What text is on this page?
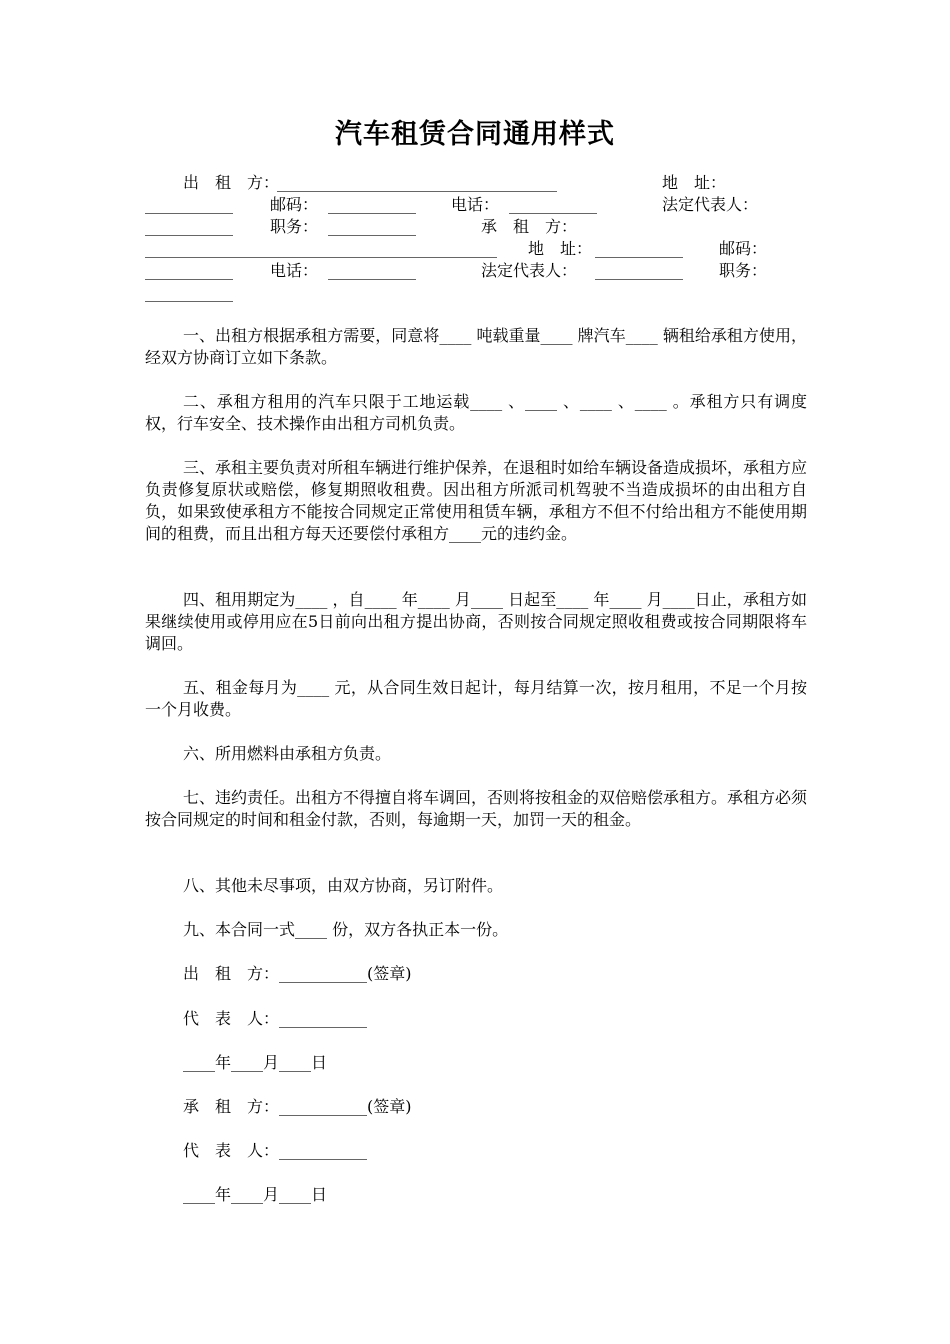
汽车租赁合同通用样式

出　租　方：

___________________________________

	地　址：

___________

邮码：

___________

电话：

___________

	法定代表人：

___________

职务：

___________

	承　租　方：

____________________________________________

地　址：

___________

邮码：

___________

电话：

___________

	法定代表人：

___________

职务：

___________

一、出租方根据承租方需要，同意将____ 吨载重量____ 牌汽车____ 辆租给承租方使用，经双方协商订立如下条款。

二、承租方租用的汽车只限于工地运载____ 、____ 、____ 、____ 。承租方只有调度权，行车安全、技术操作由出租方司机负责。

三、承租主要负责对所租车辆进行维护保养，在退租时如给车辆设备造成损坏，承租方应负责修复原状或赔偿，修复期照收租费。因出租方所派司机驾驶不当造成损坏的由出租方自负，如果致使承租方不能按合同规定正常使用租赁车辆，承租方不但不付给出租方不能使用期间的租费，而且出租方每天还要偿付承租方____元的违约金。

四、租用期定为____ ，自____ 年____ 月____ 日起至____ 年____ 月____日止，承租方如果继续使用或停用应在5日前向出租方提出协商，否则按合同规定照收租费或按合同期限将车调回。

五、租金每月为____ 元，从合同生效日起计，每月结算一次，按月租用，不足一个月按一个月收费。

六、所用燃料由承租方负责。

七、违约责任。出租方不得擅自将车调回，否则将按租金的双倍赔偿承租方。承租方必须按合同规定的时间和租金付款，否则，每逾期一天，加罚一天的租金。

八、其他未尽事项，由双方协商，另订附件。

九、本合同一式____ 份，双方各执正本一份。

出　租　方：___________(签章)
代　表　人：___________
____年____月____日
承　租　方：___________(签章)
代　表　人：___________
____年____月____日
